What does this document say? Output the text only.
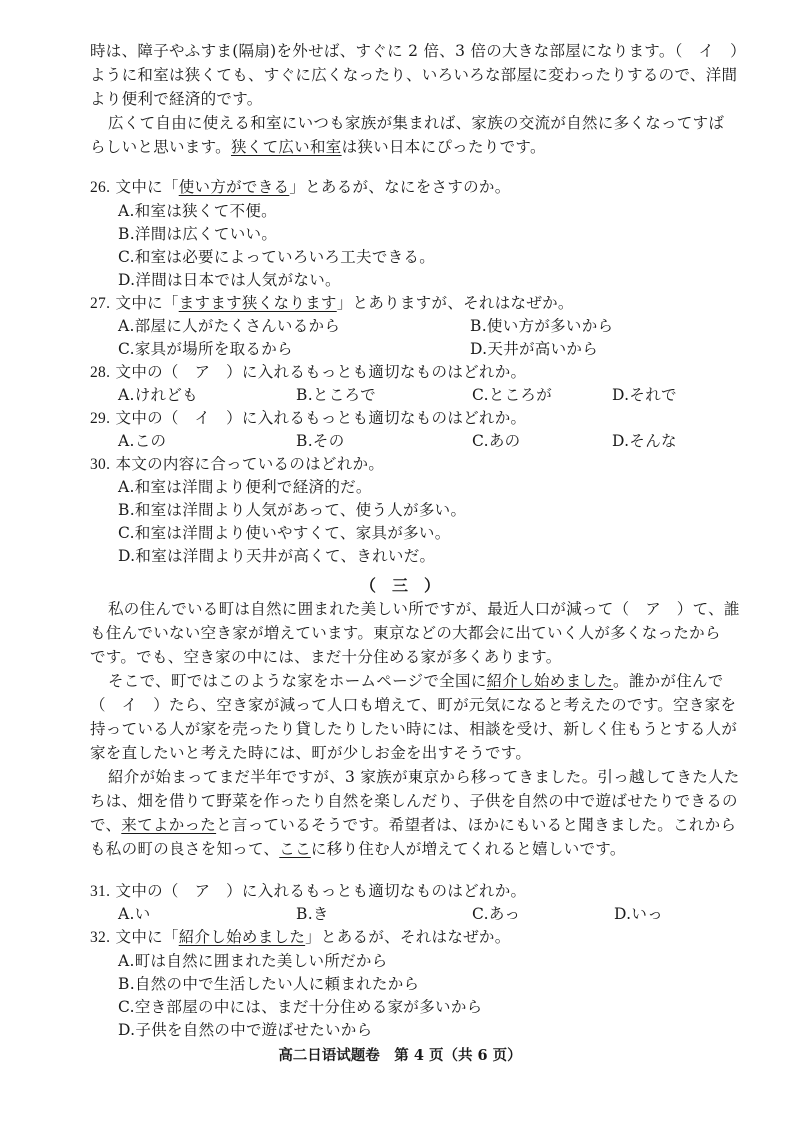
時は、障子やふすま(隔扇)を外せば、すぐに 2 倍、3 倍の大きな部屋になります。（　イ　）
ように和室は狭くても、すぐに広くなったり、いろいろな部屋に変わったりするので、洋間
より便利で経済的です。
広くて自由に使える和室にいつも家族が集まれば、家族の交流が自然に多くなってすば
らしいと思います。狭くて広い和室は狭い日本にぴったりです。
26. 文中に「使い方ができる」とあるが、なにをさすのか。
A.和室は狭くて不便。
B.洋間は広くていい。
C.和室は必要によっていろいろ工夫できる。
D.洋間は日本では人気がない。
27. 文中に「ますます狭くなります」とありますが、それはなぜか。
A.部屋に人がたくさんいるから	B.使い方が多いから
C.家具が場所を取るから	D.天井が高いから
28. 文中の（　ア　）に入れるもっとも適切なものはどれか。
A.けれども	B.ところで	C.ところが	D.それで
29. 文中の（　イ　）に入れるもっとも適切なものはどれか。
A.この	B.その	C.あの	D.そんな
30. 本文の内容に合っているのはどれか。
A.和室は洋間より便利で経済的だ。
B.和室は洋間より人気があって、使う人が多い。
C.和室は洋間より使いやすくて、家具が多い。
D.和室は洋間より天井が高くて、きれいだ。
（　三　）
私の住んでいる町は自然に囲まれた美しい所ですが、最近人口が減って（　ア　）て、誰
も住んでいない空き家が増えています。東京などの大都会に出ていく人が多くなったから
です。でも、空き家の中には、まだ十分住める家が多くあります。
そこで、町ではこのような家をホームページで全国に紹介し始めました。誰かが住んで
（　イ　）たら、空き家が減って人口も増えて、町が元気になると考えたのです。空き家を
持っている人が家を売ったり貸したりしたい時には、相談を受け、新しく住もうとする人が
家を直したいと考えた時には、町が少しお金を出すそうです。
紹介が始まってまだ半年ですが、3 家族が東京から移ってきました。引っ越してきた人た
ちは、畑を借りて野菜を作ったり自然を楽しんだり、子供を自然の中で遊ばせたりできるの
で、来てよかったと言っているそうです。希望者は、ほかにもいると聞きました。これから
も私の町の良さを知って、ここに移り住む人が増えてくれると嬉しいです。
31. 文中の（　ア　）に入れるもっとも適切なものはどれか。
A.い	B.き	C.あっ	D.いっ
32. 文中に「紹介し始めました」とあるが、それはなぜか。
A.町は自然に囲まれた美しい所だから
B.自然の中で生活したい人に頼まれたから
C.空き部屋の中には、まだ十分住める家が多いから
D.子供を自然の中で遊ばせたいから
高二日语试题卷　第 4 页（共 6 页）
